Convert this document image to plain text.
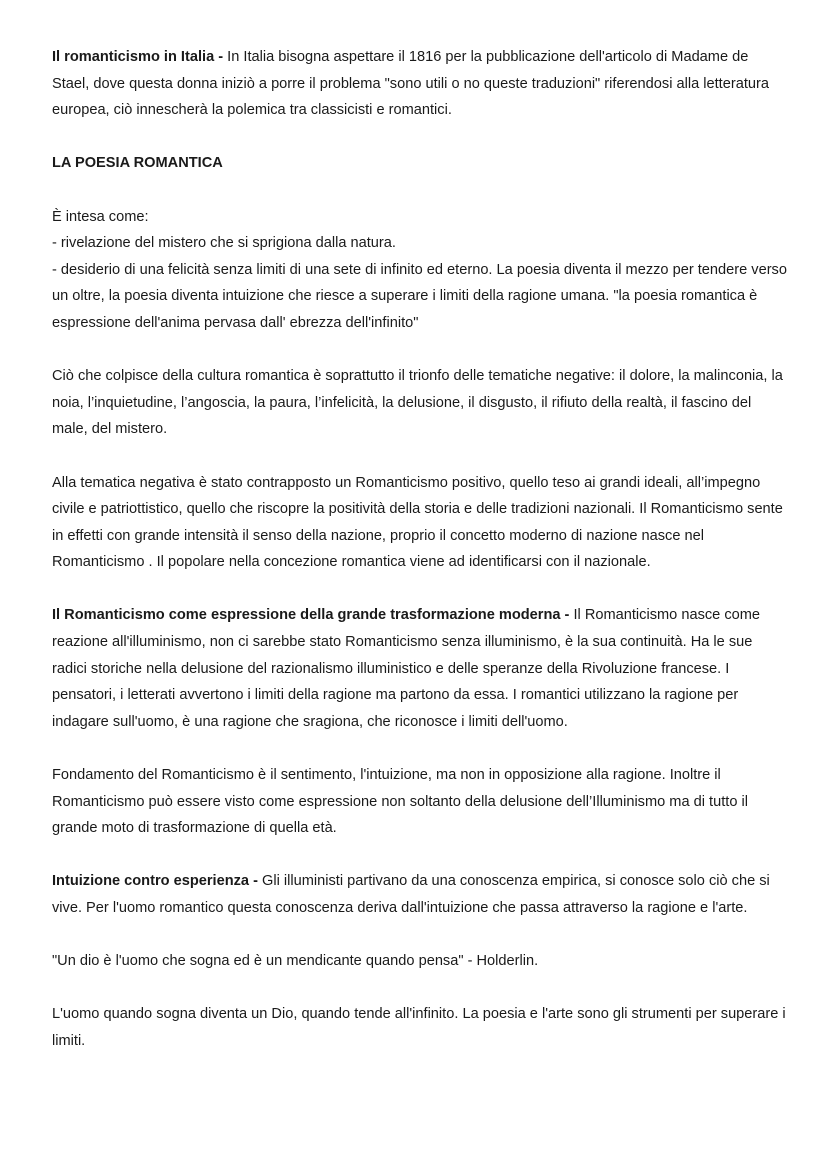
Il romanticismo in Italia - In Italia bisogna aspettare il 1816 per la pubblicazione dell'articolo di Madame de Stael, dove questa donna iniziò a porre il problema "sono utili o no queste traduzioni" riferendosi alla letteratura europea, ciò innescherà la polemica tra classicisti e romantici.

LA POESIA ROMANTICA

È intesa come:

- rivelazione del mistero che si sprigiona dalla natura.

- desiderio di una felicità senza limiti di una sete di infinito ed eterno. La poesia diventa il mezzo per tendere verso un oltre, la poesia diventa intuizione che riesce a superare i limiti della ragione umana. "la poesia romantica è espressione dell'anima pervasa dall' ebrezza dell'infinito"

Ciò che colpisce della cultura romantica è soprattutto il trionfo delle tematiche negative: il dolore, la malinconia, la noia, l’inquietudine, l’angoscia, la paura, l’infelicità, la delusione, il disgusto, il rifiuto della realtà, il fascino del male, del mistero.

Alla tematica negativa è stato contrapposto un Romanticismo positivo, quello teso ai grandi ideali, all’impegno civile e patriottistico, quello che riscopre la positività della storia e delle tradizioni nazionali. Il Romanticismo sente in effetti con grande intensità il senso della nazione, proprio il concetto moderno di nazione nasce nel Romanticismo . Il popolare nella concezione romantica viene ad identificarsi con il nazionale.

Il Romanticismo come espressione della grande trasformazione moderna - Il Romanticismo nasce come reazione all'illuminismo, non ci sarebbe stato Romanticismo senza illuminismo, è la sua continuità. Ha le sue radici storiche nella delusione del razionalismo illuministico e delle speranze della Rivoluzione francese. I pensatori, i letterati avvertono i limiti della ragione ma partono da essa. I romantici utilizzano la ragione per indagare sull'uomo, è una ragione che sragiona, che riconosce i limiti dell'uomo.

Fondamento del Romanticismo è il sentimento, l'intuizione, ma non in opposizione alla ragione. Inoltre il Romanticismo può essere visto come espressione non soltanto della delusione dell’Illuminismo ma di tutto il grande moto di trasformazione di quella età.

Intuizione contro esperienza - Gli illuministi partivano da una conoscenza empirica, si conosce solo ciò che si vive. Per l'uomo romantico questa conoscenza deriva dall'intuizione che passa attraverso la ragione e l'arte.

"Un dio è l'uomo che sogna ed è un mendicante quando pensa" - Holderlin.

L'uomo quando sogna diventa un Dio, quando tende all'infinito. La poesia e l'arte sono gli strumenti per superare i limiti.
